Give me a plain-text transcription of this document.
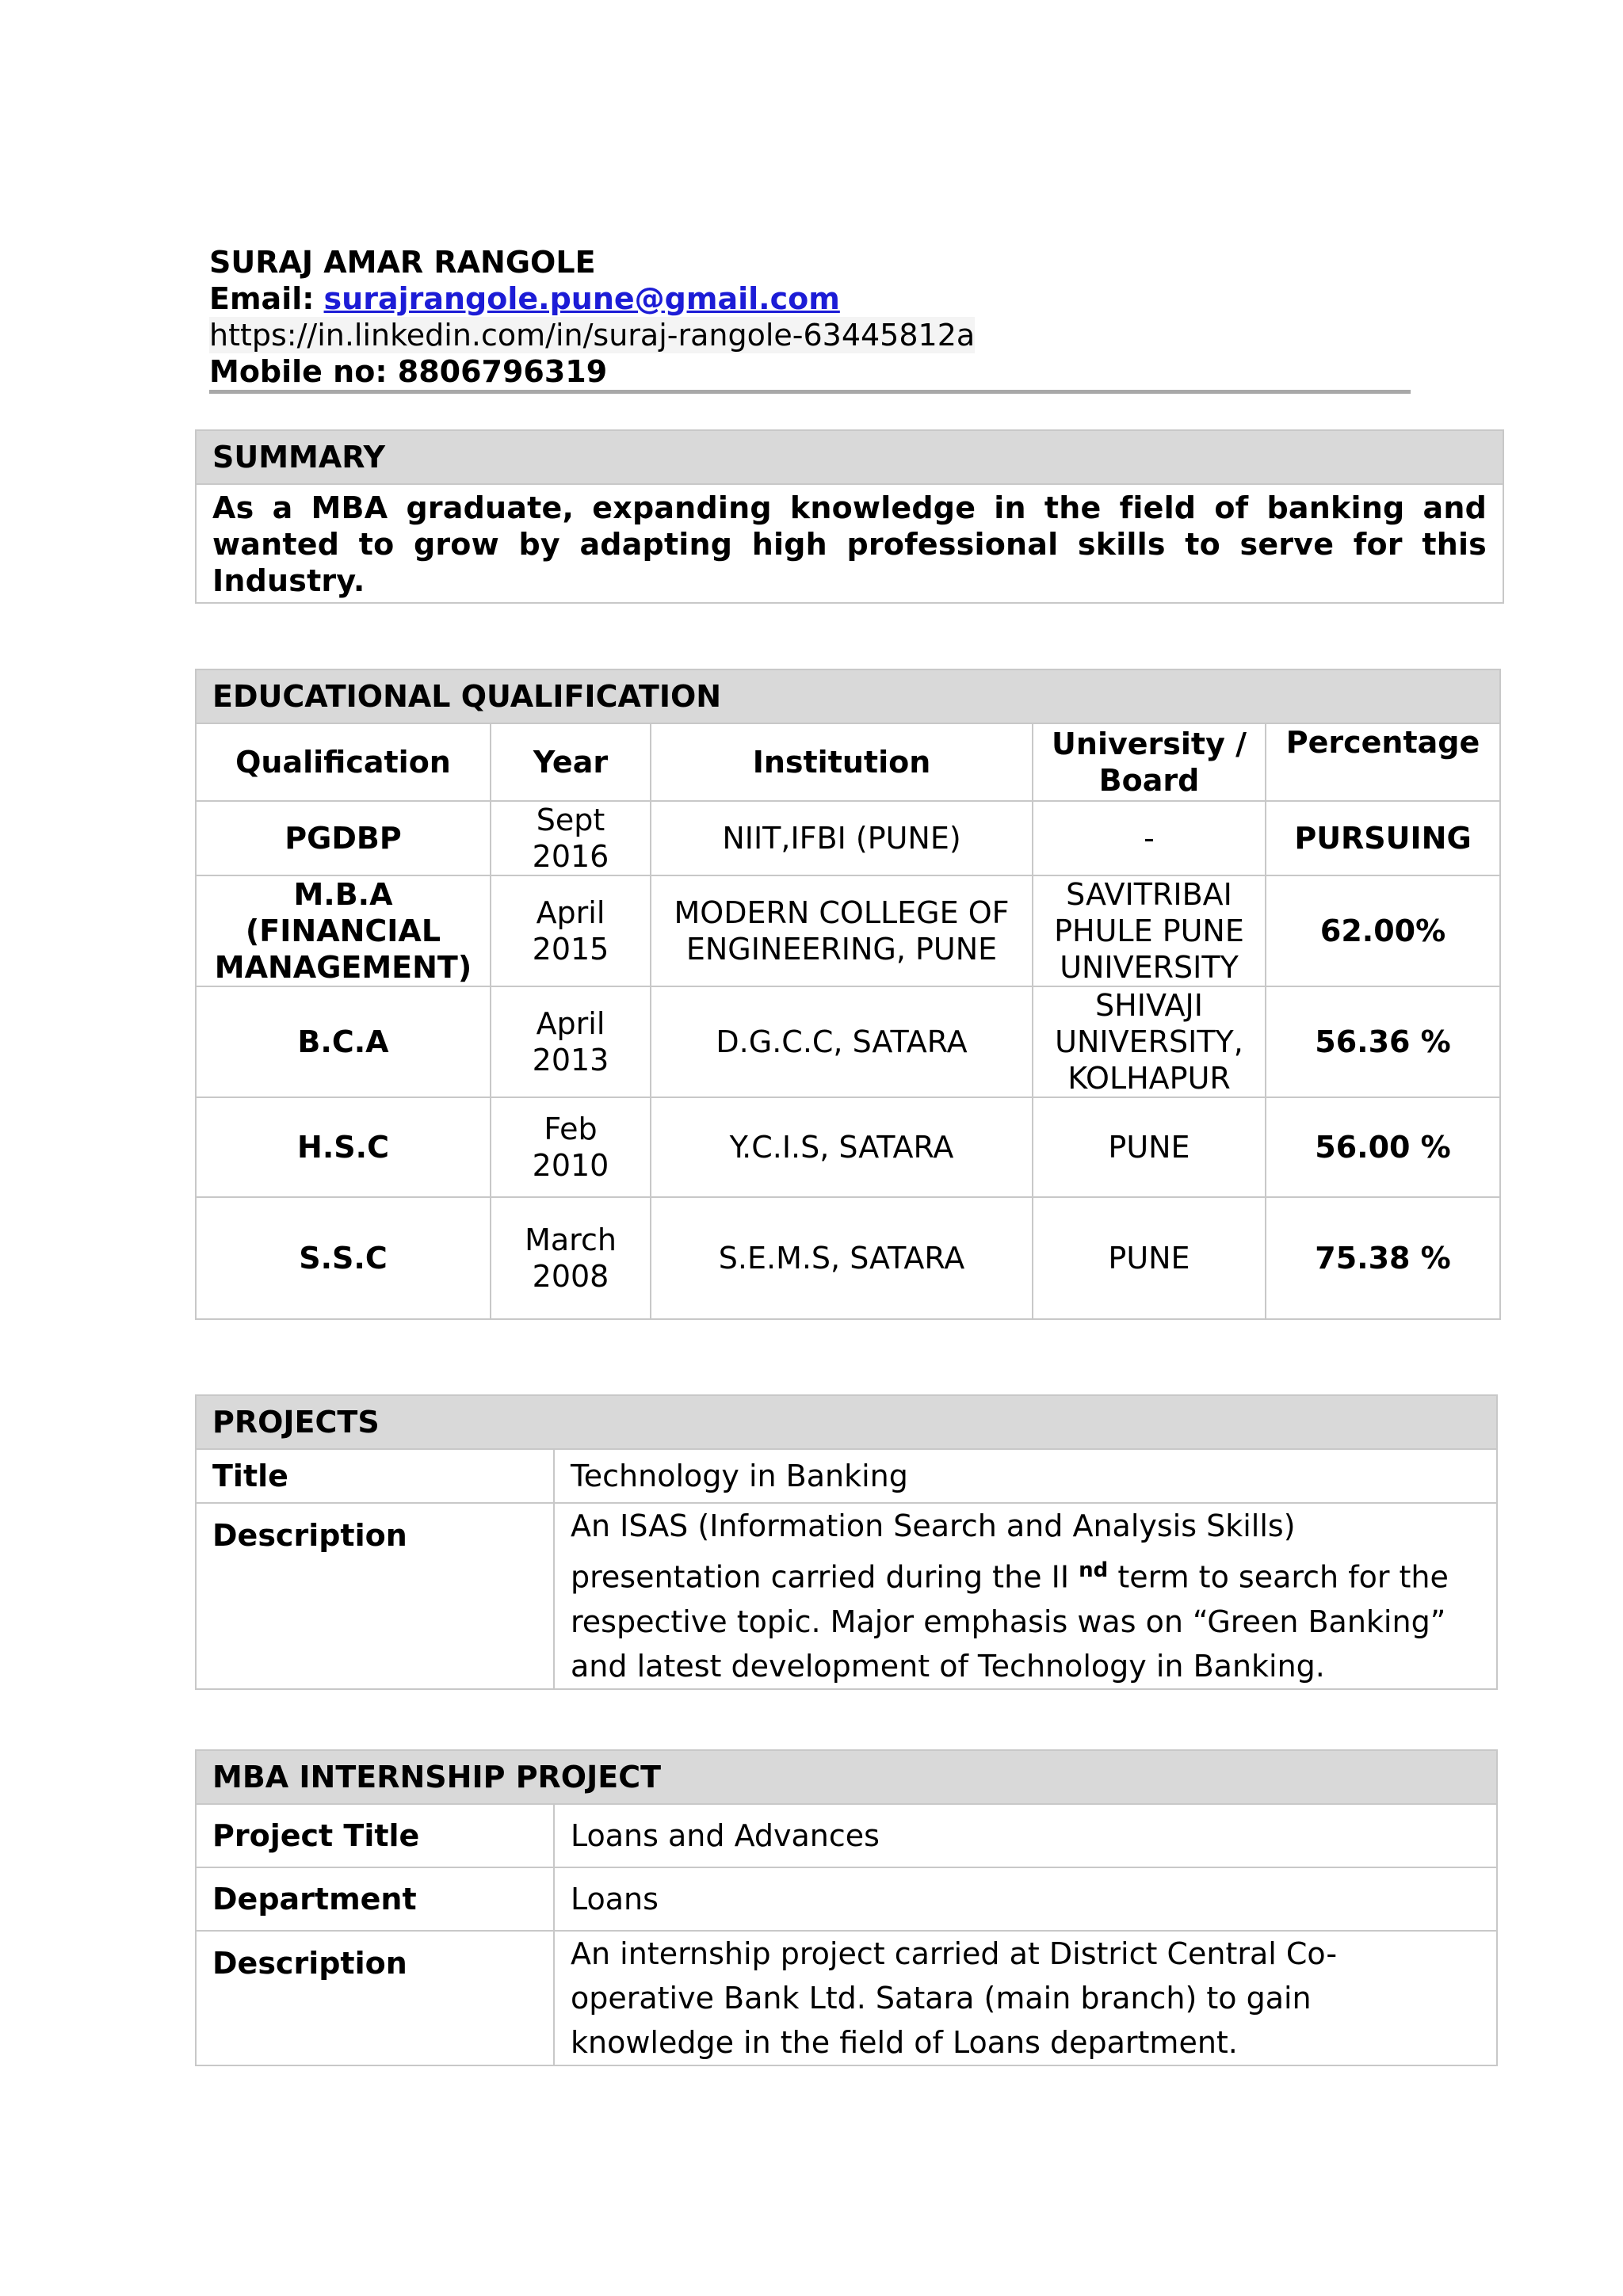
SURAJ AMAR RANGOLE
Email: surajrangole.pune@gmail.com
https://in.linkedin.com/in/suraj-rangole-63445812a
Mobile no: 8806796319
SUMMARY
As a MBA graduate, expanding knowledge in the field of banking and wanted to grow by adapting high professional skills to serve for this Industry.
EDUCATIONAL QUALIFICATION				
Qualification	Year	Institution	University / Board	Percentage
PGDBP	Sept 2016	NIIT,IFBI (PUNE)	-	PURSUING
M.B.A (FINANCIAL MANAGEMENT)	April 2015	MODERN COLLEGE OF ENGINEERING, PUNE	SAVITRIBAI PHULE PUNE UNIVERSITY	62.00%
B.C.A	April 2013	D.G.C.C, SATARA	SHIVAJI UNIVERSITY, KOLHAPUR	56.36 %
H.S.C	Feb 2010	Y.C.I.S, SATARA	PUNE	56.00 %
S.S.C	March 2008	S.E.M.S, SATARA	PUNE	75.38 %
PROJECTS	
Title	Technology in Banking
Description	An ISAS (Information Search and Analysis Skills) presentation carried during the II $^{nd}$ term to search for the respective topic. Major emphasis was on “Green Banking” and latest development of Technology in Banking.
MBA INTERNSHIP PROJECT	
Project Title	Loans and Advances
Department	Loans
Description	An internship project carried at District Central Co-operative Bank Ltd. Satara (main branch) to gain knowledge in the field of Loans department.
